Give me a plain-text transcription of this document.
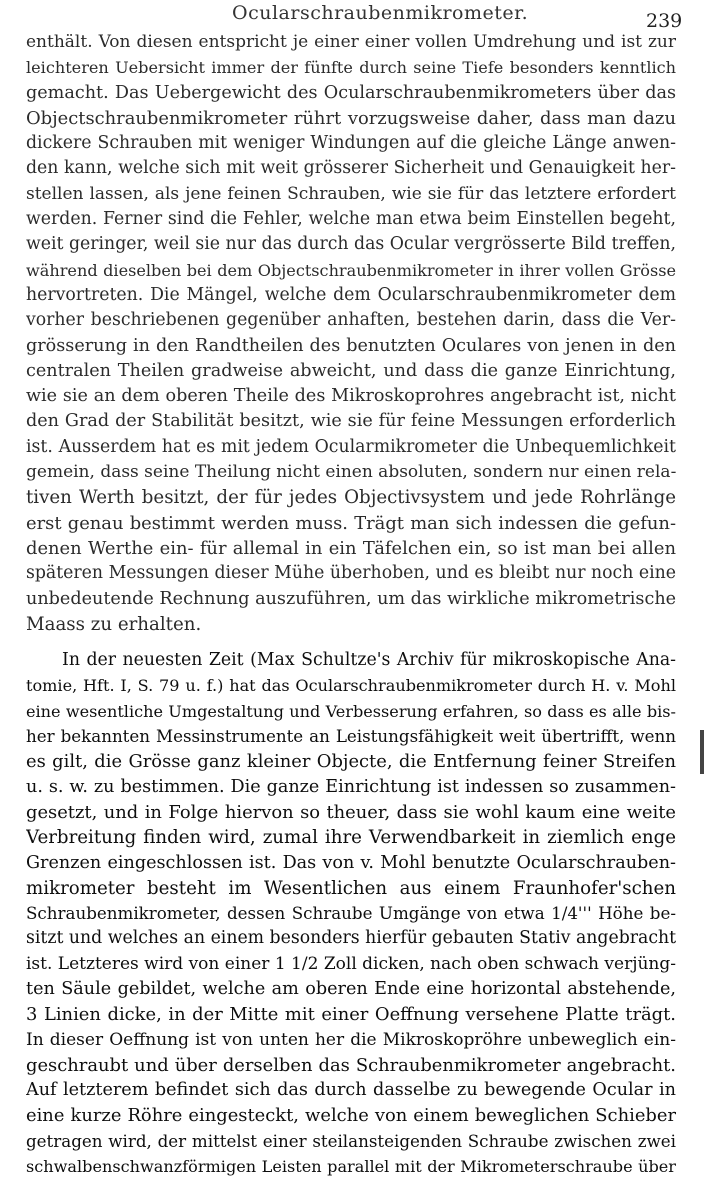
Ocularschraubenmikrometer.	239

enthält. Von diesen entspricht je einer einer vollen Umdrehung und ist zur
leichteren Uebersicht immer der fünfte durch seine Tiefe besonders kenntlich
gemacht. Das Uebergewicht des Ocularschraubenmikrometers über das
Objectschraubenmikrometer rührt vorzugsweise daher, dass man dazu
dickere Schrauben mit weniger Windungen auf die gleiche Länge anwen-
den kann, welche sich mit weit grösserer Sicherheit und Genauigkeit her-
stellen lassen, als jene feinen Schrauben, wie sie für das letztere erfordert
werden. Ferner sind die Fehler, welche man etwa beim Einstellen begeht,
weit geringer, weil sie nur das durch das Ocular vergrösserte Bild treffen,
während dieselben bei dem Objectschraubenmikrometer in ihrer vollen Grösse
hervortreten. Die Mängel, welche dem Ocularschraubenmikrometer dem
vorher beschriebenen gegenüber anhaften, bestehen darin, dass die Ver-
grösserung in den Randtheilen des benutzten Oculares von jenen in den
centralen Theilen gradweise abweicht, und dass die ganze Einrichtung,
wie sie an dem oberen Theile des Mikroskoprohres angebracht ist, nicht
den Grad der Stabilität besitzt, wie sie für feine Messungen erforderlich
ist. Ausserdem hat es mit jedem Ocularmikrometer die Unbequemlichkeit
gemein, dass seine Theilung nicht einen absoluten, sondern nur einen rela-
tiven Werth besitzt, der für jedes Objectivsystem und jede Rohrlänge
erst genau bestimmt werden muss. Trägt man sich indessen die gefun-
denen Werthe ein- für allemal in ein Täfelchen ein, so ist man bei allen
späteren Messungen dieser Mühe überhoben, und es bleibt nur noch eine
unbedeutende Rechnung auszuführen, um das wirkliche mikrometrische
Maass zu erhalten.

In der neuesten Zeit (Max Schultze's Archiv für mikroskopische Ana-
tomie, Hft. I, S. 79 u. f.) hat das Ocularschraubenmikrometer durch H. v. Mohl
eine wesentliche Umgestaltung und Verbesserung erfahren, so dass es alle bis-
her bekannten Messinstrumente an Leistungsfähigkeit weit übertrifft, wenn
es gilt, die Grösse ganz kleiner Objecte, die Entfernung feiner Streifen
u. s. w. zu bestimmen. Die ganze Einrichtung ist indessen so zusammen-
gesetzt, und in Folge hiervon so theuer, dass sie wohl kaum eine weite
Verbreitung finden wird, zumal ihre Verwendbarkeit in ziemlich enge
Grenzen eingeschlossen ist. Das von v. Mohl benutzte Ocularschrauben-
mikrometer besteht im Wesentlichen aus einem Fraunhofer'schen
Schraubenmikrometer, dessen Schraube Umgänge von etwa 1/4''' Höhe be-
sitzt und welches an einem besonders hierfür gebauten Stativ angebracht
ist. Letzteres wird von einer 1 1/2 Zoll dicken, nach oben schwach verjüng-
ten Säule gebildet, welche am oberen Ende eine horizontal abstehende,
3 Linien dicke, in der Mitte mit einer Oeffnung versehene Platte trägt.
In dieser Oeffnung ist von unten her die Mikroskopröhre unbeweglich ein-
geschraubt und über derselben das Schraubenmikrometer angebracht.
Auf letzterem befindet sich das durch dasselbe zu bewegende Ocular in
eine kurze Röhre eingesteckt, welche von einem beweglichen Schieber
getragen wird, der mittelst einer steilansteigenden Schraube zwischen zwei
schwalbenschwanzförmigen Leisten parallel mit der Mikrometerschraube über
